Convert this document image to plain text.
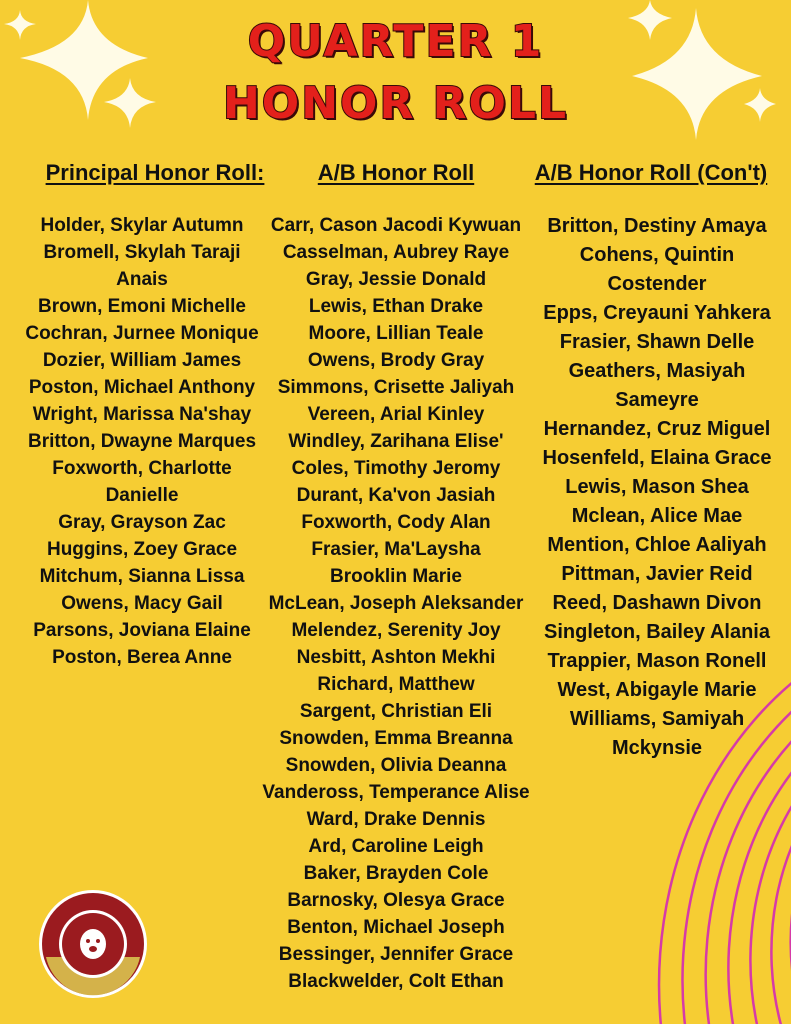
QUARTER 1
HONOR ROLL
Principal Honor Roll: A/B Honor Roll	A/B Honor Roll (Con't)
Holder, Skylar Autumn
Bromell, Skylah Taraji
Anais
Brown, Emoni Michelle
Cochran, Jurnee Monique
Dozier, William James
Poston, Michael Anthony
Wright, Marissa Na'shay
Britton, Dwayne Marques
Foxworth, Charlotte
Danielle
Gray, Grayson Zac
Huggins, Zoey Grace
Mitchum, Sianna Lissa
Owens, Macy Gail
Parsons, Joviana Elaine
Poston, Berea Anne
Carr, Cason Jacodi Kywuan
Casselman, Aubrey Raye
Gray, Jessie Donald
Lewis, Ethan Drake
Moore, Lillian Teale
Owens, Brody Gray
Simmons, Crisette Jaliyah
Vereen, Arial Kinley
Windley, Zarihana Elise'
Coles, Timothy Jeromy
Durant, Ka'von Jasiah
Foxworth, Cody Alan
Frasier, Ma'Laysha
Brooklin Marie
McLean, Joseph Aleksander
Melendez, Serenity Joy
Nesbitt, Ashton Mekhi
Richard, Matthew
Sargent, Christian Eli
Snowden, Emma Breanna
Snowden, Olivia Deanna
Vandeross, Temperance Alise
Ward, Drake Dennis
Ard, Caroline Leigh
Baker, Brayden Cole
Barnosky, Olesya Grace
Benton, Michael Joseph
Bessinger, Jennifer Grace
Blackwelder, Colt Ethan
Britton, Destiny Amaya
Cohens, Quintin
Costender
Epps, Creyauni Yahkera
Frasier, Shawn Delle
Geathers, Masiyah
Sameyre
Hernandez, Cruz Miguel
Hosenfeld, Elaina Grace
Lewis, Mason Shea
Mclean, Alice Mae
Mention, Chloe Aaliyah
Pittman, Javier Reid
Reed, Dashawn Divon
Singleton, Bailey Alania
Trappier, Mason Ronell
West, Abigayle Marie
Williams, Samiyah
Mckynsie
